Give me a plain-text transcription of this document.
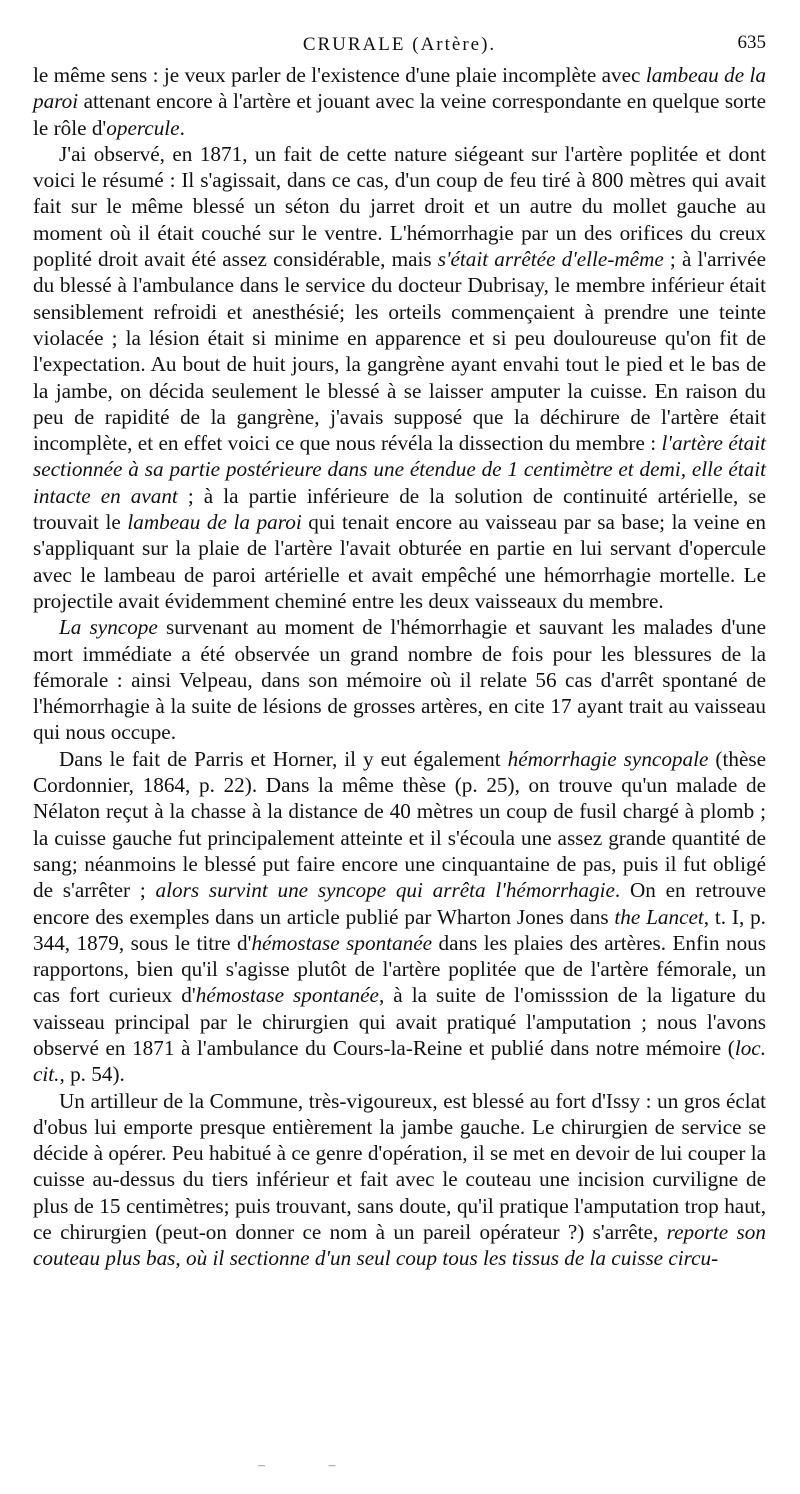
CRURALE (Artère).	635

le même sens : je veux parler de l'existence d'une plaie incomplète avec lambeau de la paroi attenant encore à l'artère et jouant avec la veine correspondante en quelque sorte le rôle d'opercule.

J'ai observé, en 1871, un fait de cette nature siégeant sur l'artère poplitée et dont voici le résumé : Il s'agissait, dans ce cas, d'un coup de feu tiré à 800 mètres qui avait fait sur le même blessé un séton du jarret droit et un autre du mollet gauche au moment où il était couché sur le ventre. L'hémorrhagie par un des orifices du creux poplité droit avait été assez considérable, mais s'était arrêtée d'elle-même ; à l'arrivée du blessé à l'ambulance dans le service du docteur Dubrisay, le membre inférieur était sensiblement refroidi et anesthésié; les orteils commençaient à prendre une teinte violacée ; la lésion était si minime en apparence et si peu douloureuse qu'on fit de l'expectation. Au bout de huit jours, la gangrène ayant envahi tout le pied et le bas de la jambe, on décida seulement le blessé à se laisser amputer la cuisse. En raison du peu de rapidité de la gangrène, j'avais supposé que la déchirure de l'artère était incomplète, et en effet voici ce que nous révéla la dissection du membre : l'artère était sectionnée à sa partie postérieure dans une étendue de 1 centimètre et demi, elle était intacte en avant ; à la partie inférieure de la solution de continuité artérielle, se trouvait le lambeau de la paroi qui tenait encore au vaisseau par sa base; la veine en s'appliquant sur la plaie de l'artère l'avait obturée en partie en lui servant d'opercule avec le lambeau de paroi artérielle et avait empêché une hémorrhagie mortelle. Le projectile avait évidemment cheminé entre les deux vaisseaux du membre.

La syncope survenant au moment de l'hémorrhagie et sauvant les malades d'une mort immédiate a été observée un grand nombre de fois pour les blessures de la fémorale : ainsi Velpeau, dans son mémoire où il relate 56 cas d'arrêt spontané de l'hémorrhagie à la suite de lésions de grosses artères, en cite 17 ayant trait au vaisseau qui nous occupe.

Dans le fait de Parris et Horner, il y eut également hémorrhagie syncopale (thèse Cordonnier, 1864, p. 22). Dans la même thèse (p. 25), on trouve qu'un malade de Nélaton reçut à la chasse à la distance de 40 mètres un coup de fusil chargé à plomb ; la cuisse gauche fut principalement atteinte et il s'écoula une assez grande quantité de sang; néanmoins le blessé put faire encore une cinquantaine de pas, puis il fut obligé de s'arrêter ; alors survint une syncope qui arrêta l'hémorrhagie. On en retrouve encore des exemples dans un article publié par Wharton Jones dans the Lancet, t. I, p. 344, 1879, sous le titre d'hémostase spontanée dans les plaies des artères. Enfin nous rapportons, bien qu'il s'agisse plutôt de l'artère poplitée que de l'artère fémorale, un cas fort curieux d'hémostase spontanée, à la suite de l'omisssion de la ligature du vaisseau principal par le chirurgien qui avait pratiqué l'amputation ; nous l'avons observé en 1871 à l'ambulance du Cours-la-Reine et publié dans notre mémoire (loc. cit., p. 54).

Un artilleur de la Commune, très-vigoureux, est blessé au fort d'Issy : un gros éclat d'obus lui emporte presque entièrement la jambe gauche. Le chirurgien de service se décide à opérer. Peu habitué à ce genre d'opération, il se met en devoir de lui couper la cuisse au-dessus du tiers inférieur et fait avec le couteau une incision curviligne de plus de 15 centimètres; puis trouvant, sans doute, qu'il pratique l'amputation trop haut, ce chirurgien (peut-on donner ce nom à un pareil opérateur ?) s'arrête, reporte son couteau plus bas, où il sectionne d'un seul coup tous les tissus de la cuisse circu-

‒ ‒
